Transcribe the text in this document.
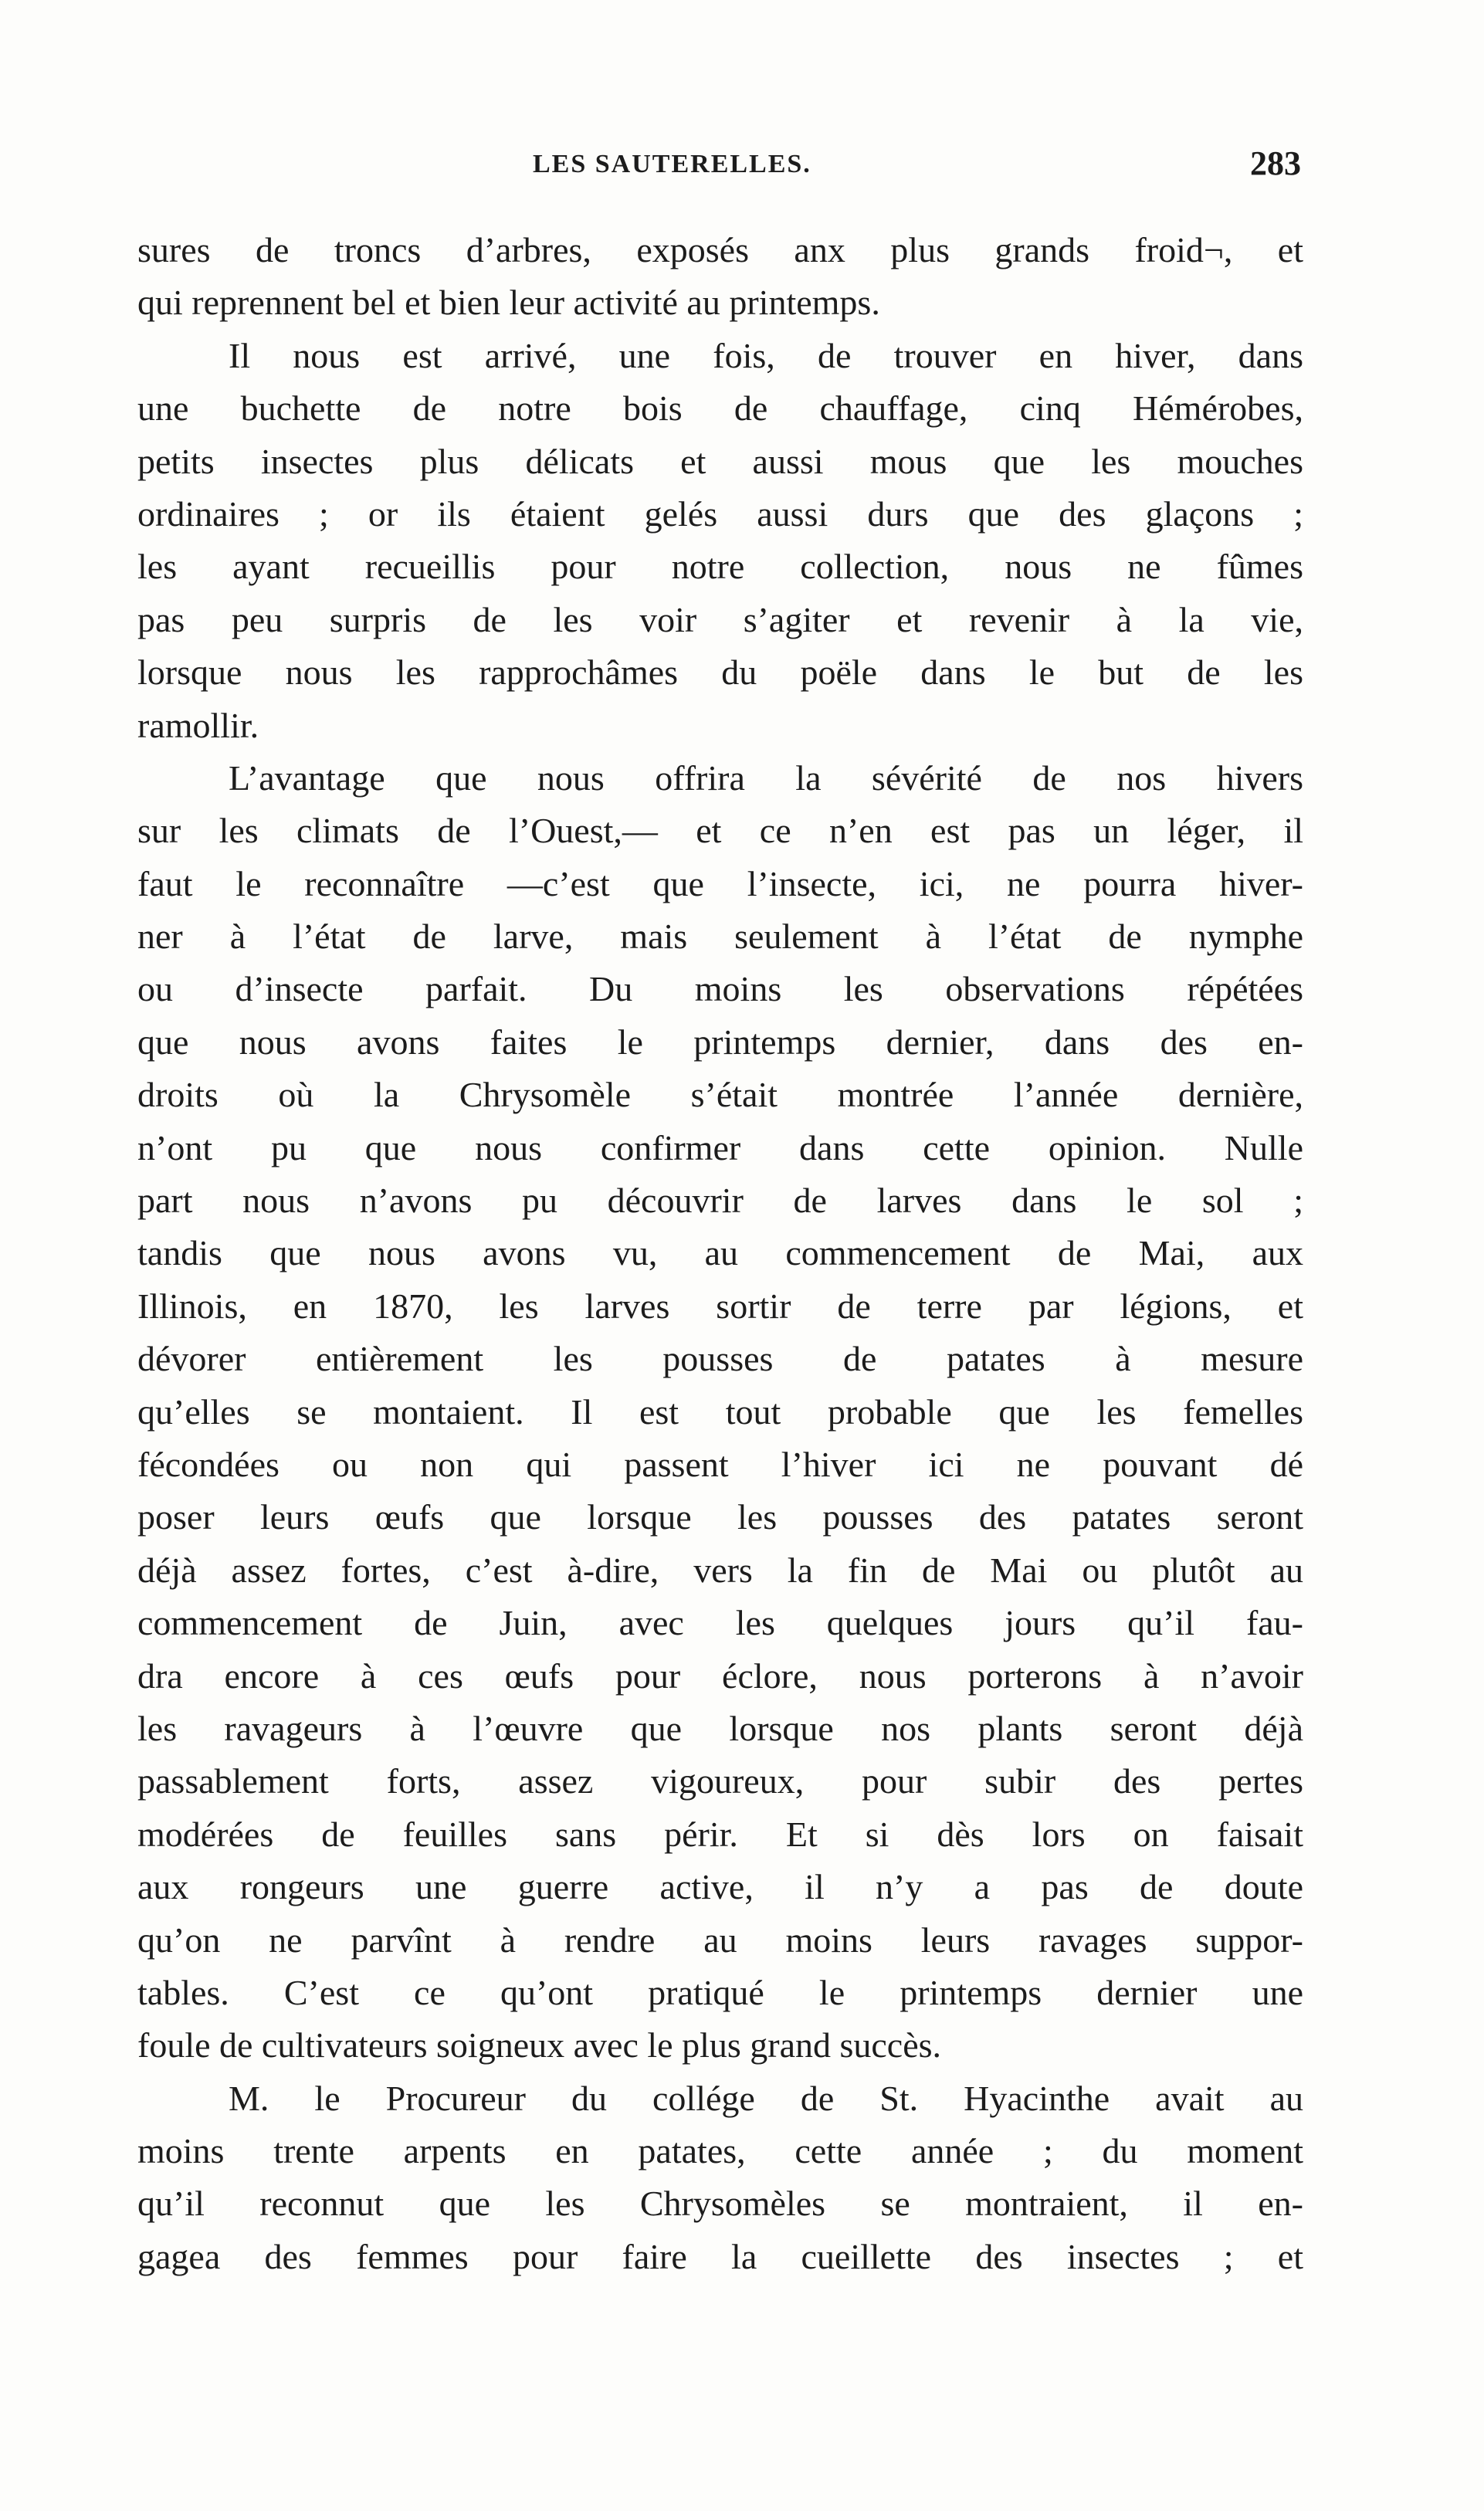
LES SAUTERELLES.	283
sures de troncs d’arbres, exposés anx plus grands froid¬, et
qui reprennent bel et bien leur activité au printemps.
Il nous est arrivé, une fois, de trouver en hiver, dans
une buchette de notre bois de chauffage, cinq Hémérobes,
petits insectes plus délicats et aussi mous que les mouches
ordinaires ; or ils étaient gelés aussi durs que des glaçons ;
les ayant recueillis pour notre collection, nous ne fûmes
pas peu surpris de les voir s’agiter et revenir à la vie,
lorsque nous les rapprochâmes du poële dans le but de les
ramollir.
L’avantage que nous offrira la sévérité de nos hivers
sur les climats de l’Ouest,— et ce n’en est pas un léger, il
faut le reconnaître —c’est que l’insecte, ici, ne pourra hiver-
ner à l’état de larve, mais seulement à l’état de nymphe
ou d’insecte parfait. Du moins les observations répétées
que nous avons faites le printemps dernier, dans des en-
droits où la Chrysomèle s’était montrée l’année dernière,
n’ont pu que nous confirmer dans cette opinion. Nulle
part nous n’avons pu découvrir de larves dans le sol ;
tandis que nous avons vu, au commencement de Mai, aux
Illinois, en 1870, les larves sortir de terre par légions, et
dévorer entièrement les pousses de patates à mesure
qu’elles se montaient. Il est tout probable que les femelles
fécondées ou non qui passent l’hiver ici ne pouvant dé
poser leurs œufs que lorsque les pousses des patates seront
déjà assez fortes, c’est à-dire, vers la fin de Mai ou plutôt au
commencement de Juin, avec les quelques jours qu’il fau-
dra encore à ces œufs pour éclore, nous porterons à n’avoir
les ravageurs à l’œuvre que lorsque nos plants seront déjà
passablement forts, assez vigoureux, pour subir des pertes
modérées de feuilles sans périr. Et si dès lors on faisait
aux rongeurs une guerre active, il n’y a pas de doute
qu’on ne parvînt à rendre au moins leurs ravages suppor-
tables. C’est ce qu’ont pratiqué le printemps dernier une
foule de cultivateurs soigneux avec le plus grand succès.
M. le Procureur du collége de St. Hyacinthe avait au
moins trente arpents en patates, cette année ; du moment
qu’il reconnut que les Chrysomèles se montraient, il en-
gagea des femmes pour faire la cueillette des insectes ; et
